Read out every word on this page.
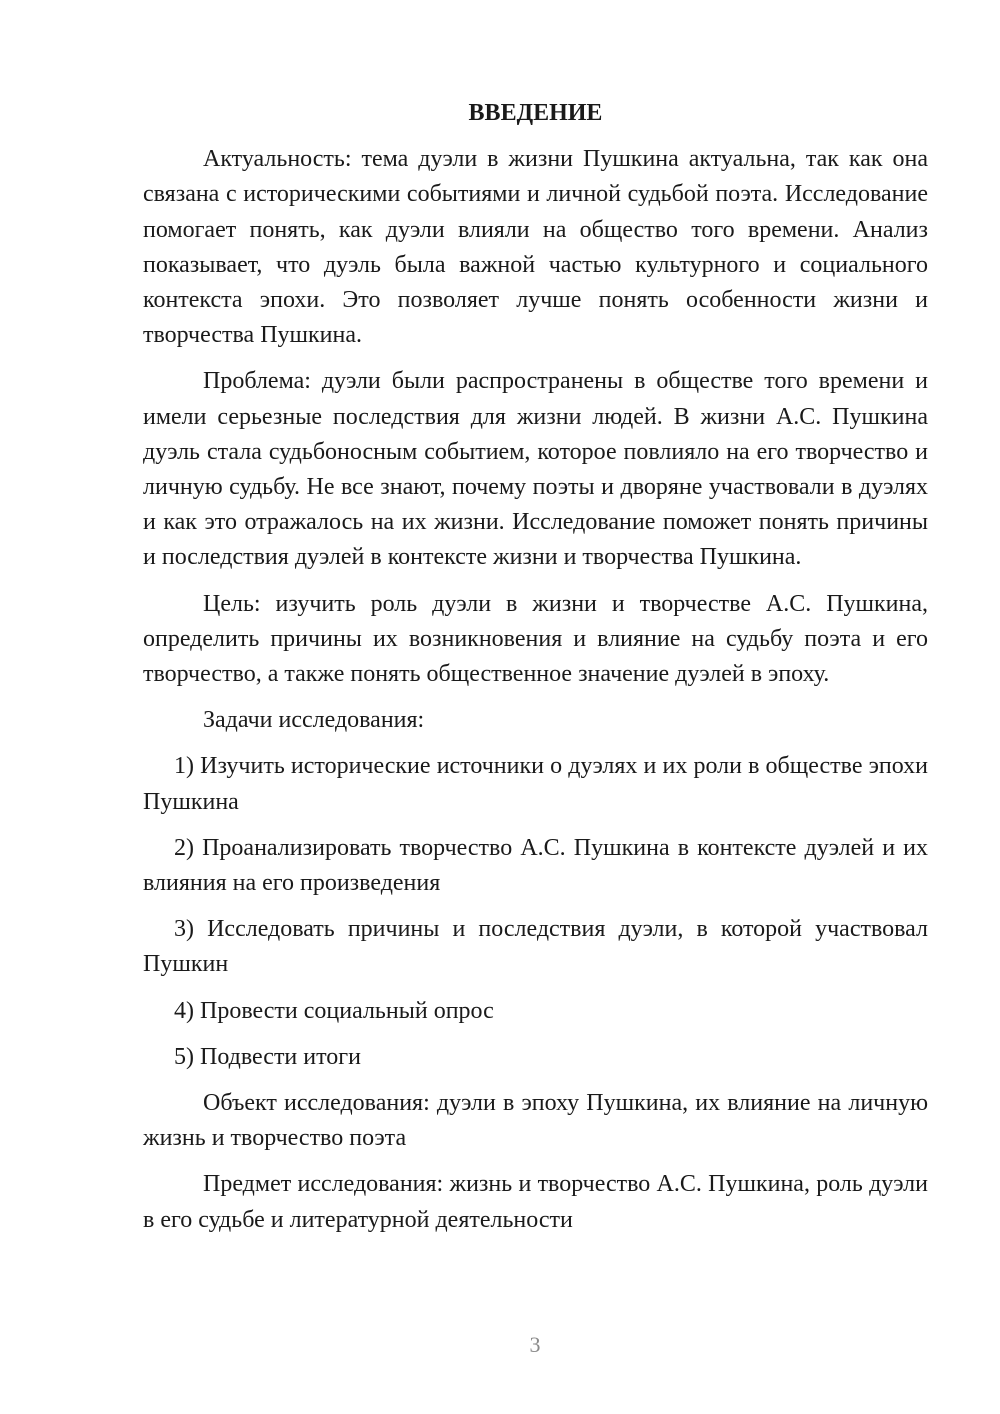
ВВЕДЕНИЕ

Актуальность: тема дуэли в жизни Пушкина актуальна, так как она связана с историческими событиями и личной судьбой поэта. Исследование помогает понять, как дуэли влияли на общество того времени. Анализ показывает, что дуэль была важной частью культурного и социального контекста эпохи. Это позволяет лучше понять особенности жизни и творчества Пушкина.

Проблема: дуэли были распространены в обществе того времени и имели серьезные последствия для жизни людей. В жизни А.С. Пушкина дуэль стала судьбоносным событием, которое повлияло на его творчество и личную судьбу. Не все знают, почему поэты и дворяне участвовали в дуэлях и как это отражалось на их жизни. Исследование поможет понять причины и последствия дуэлей в контексте жизни и творчества Пушкина.

Цель: изучить роль дуэли в жизни и творчестве А.С. Пушкина, определить причины их возникновения и влияние на судьбу поэта и его творчество, а также понять общественное значение дуэлей в эпоху.

Задачи исследования:

1) Изучить исторические источники о дуэлях и их роли в обществе эпохи Пушкина

2) Проанализировать творчество А.С. Пушкина в контексте дуэлей и их влияния на его произведения

3) Исследовать причины и последствия дуэли, в которой участвовал Пушкин

4) Провести социальный опрос

5) Подвести итоги

Объект исследования: дуэли в эпоху Пушкина, их влияние на личную жизнь и творчество поэта

Предмет исследования: жизнь и творчество А.С. Пушкина, роль дуэли в его судьбе и литературной деятельности

3
